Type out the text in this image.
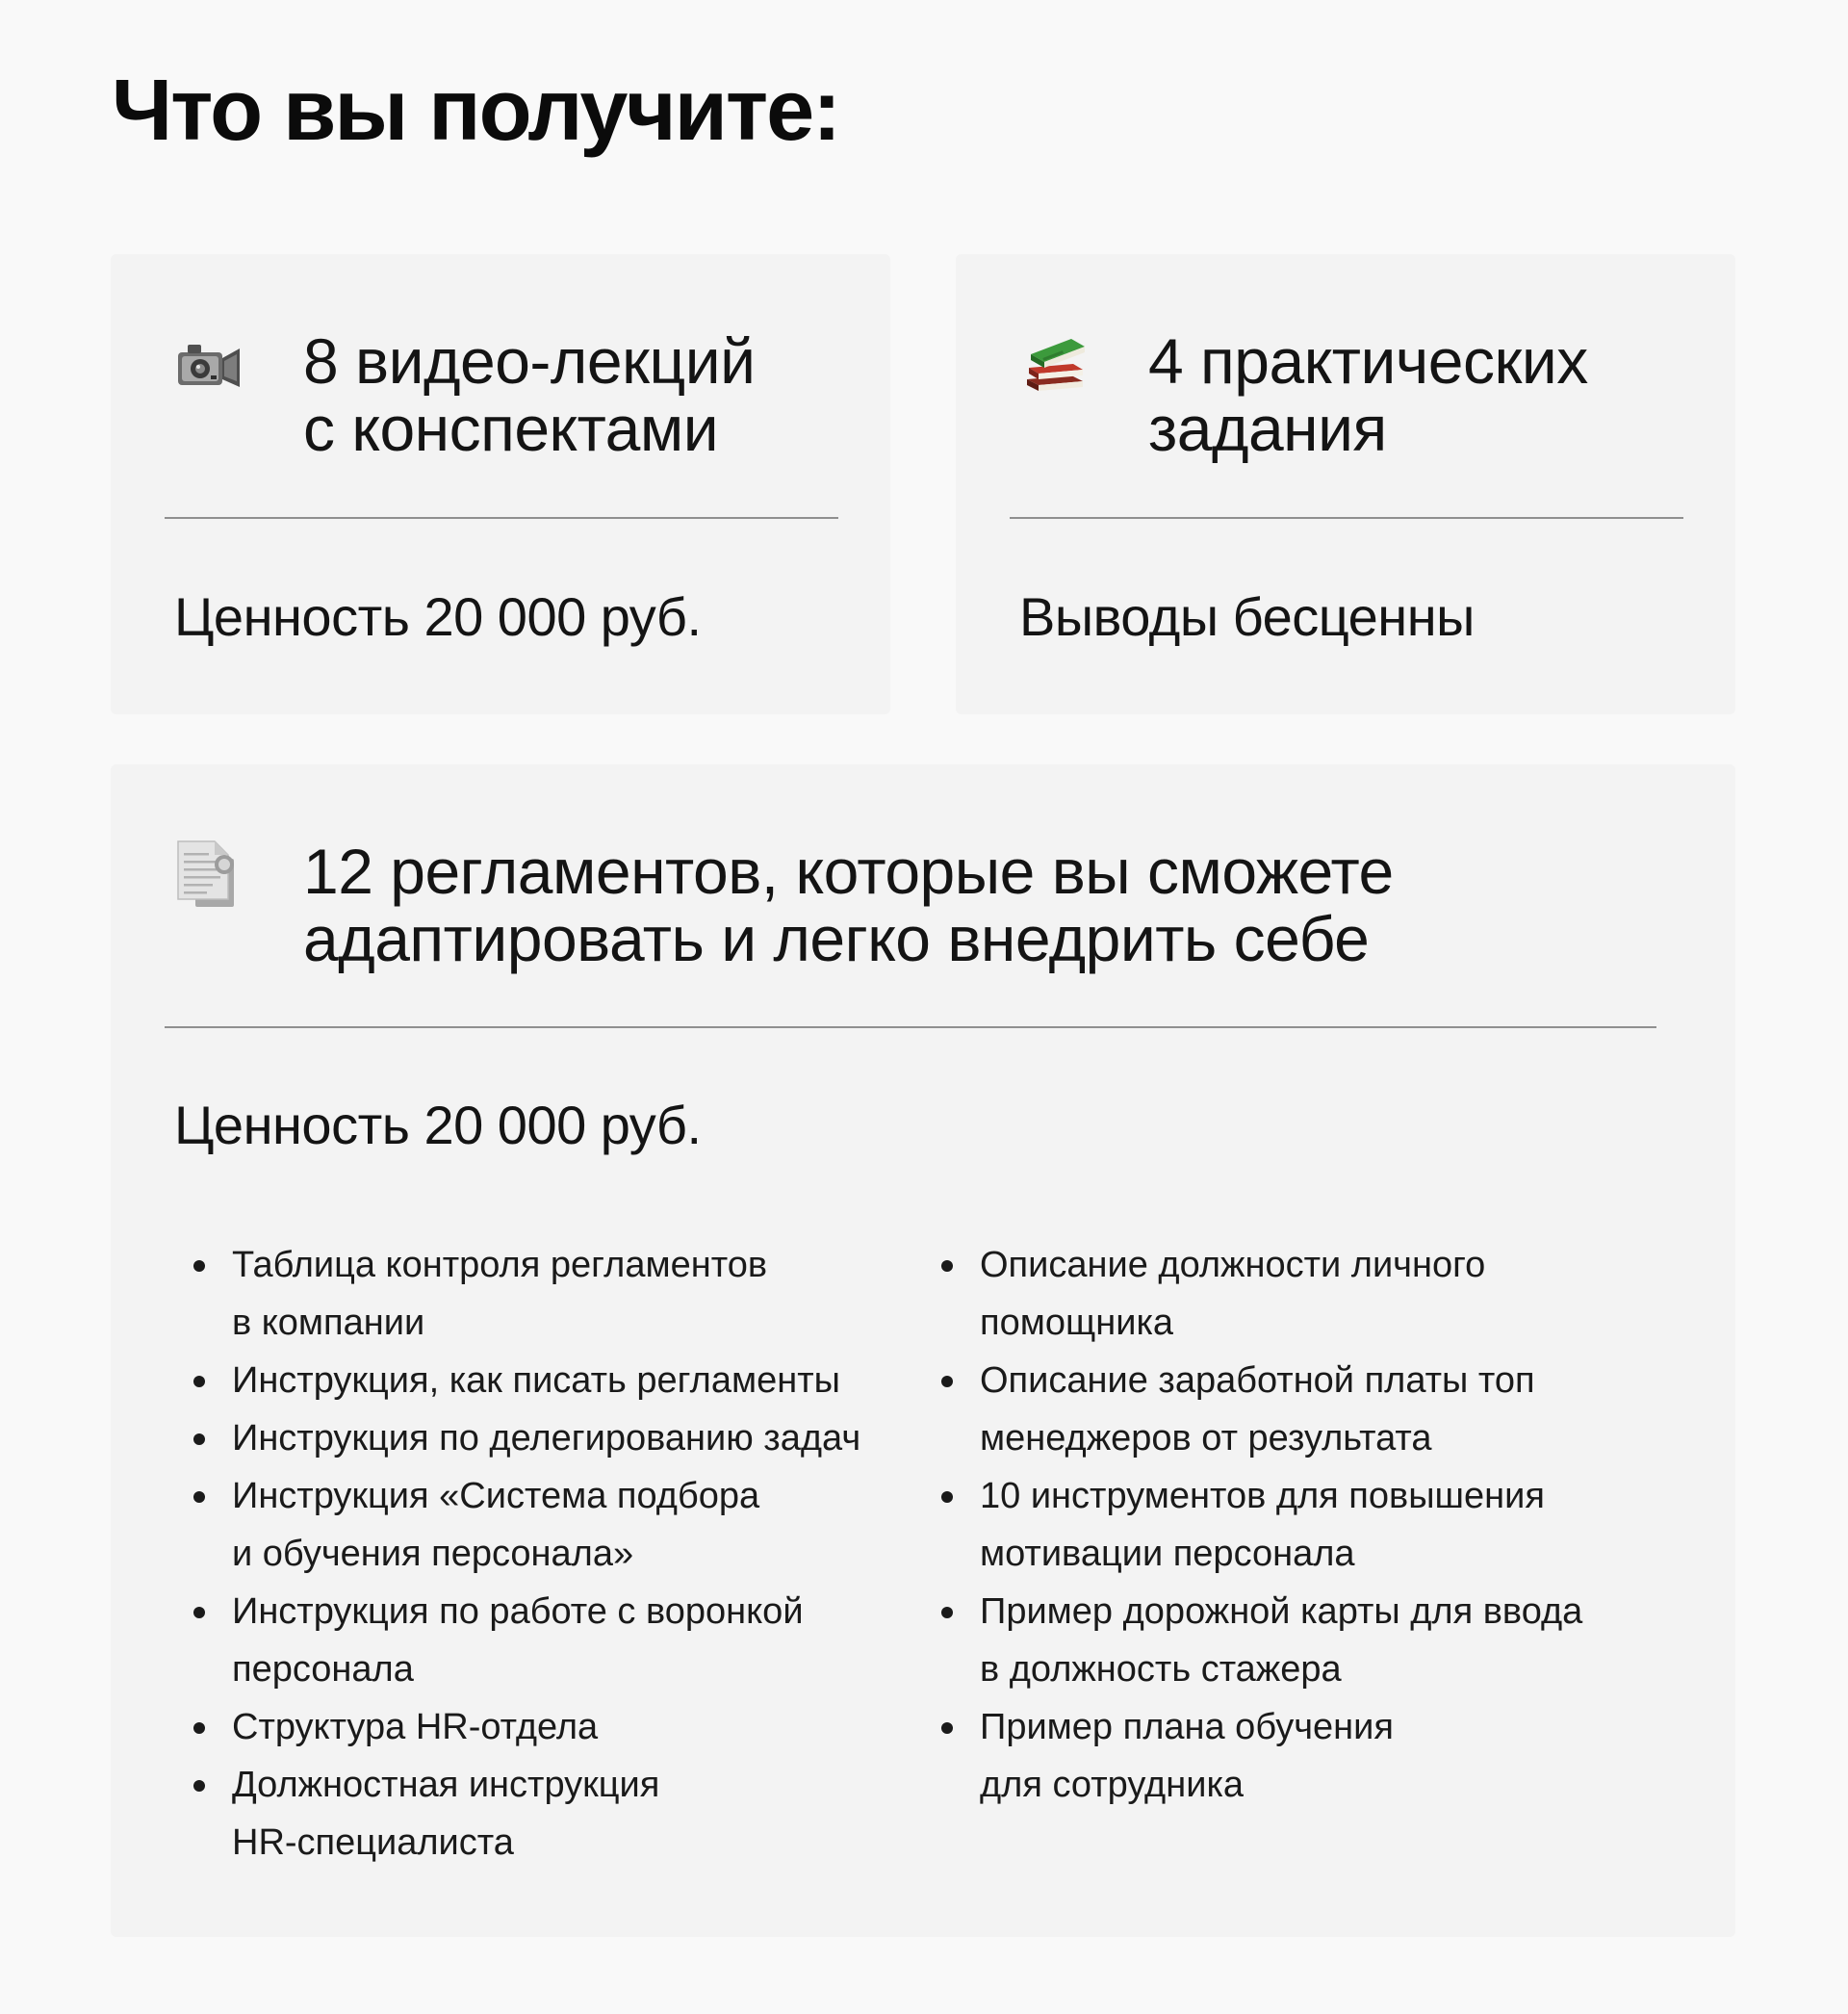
Что вы получите:
8 видео-лекций
с конспектами

Ценность 20 000 руб.

4 практических
задания

Выводы бесценны

12 регламентов, которые вы сможете
адаптировать и легко внедрить себе

Ценность 20 000 руб.

Таблица контроля регламентов
в компании
Инструкция, как писать регламенты
Инструкция по делегированию задач
Инструкция «Система подбора
и обучения персонала»
Инструкция по работе с воронкой
персонала
Структура HR-отдела
Должностная инструкция
HR-специалиста
Описание должности личного
помощника
Описание заработной платы топ
менеджеров от результата
10 инструментов для повышения
мотивации персонала
Пример дорожной карты для ввода
в должность стажера
Пример плана обучения
для сотрудника
